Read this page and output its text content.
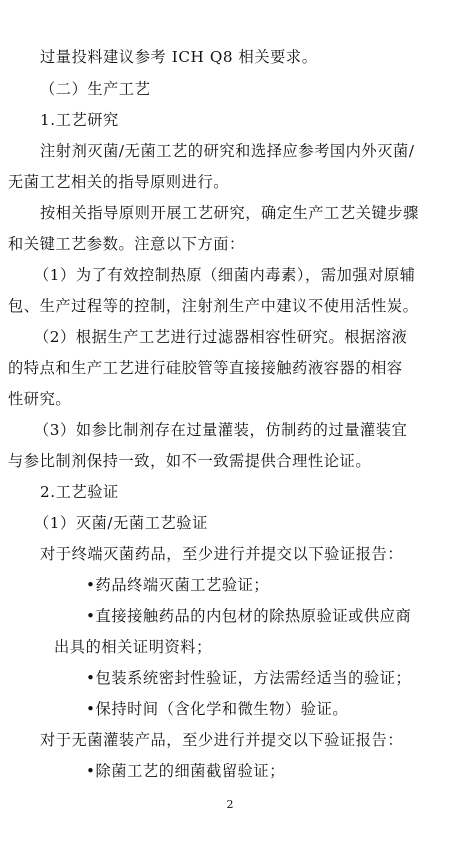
过量投料建议参考 ICH Q8 相关要求。
（二）生产工艺
1.工艺研究
注射剂灭菌/无菌工艺的研究和选择应参考国内外灭菌/
无菌工艺相关的指导原则进行。
按相关指导原则开展工艺研究，确定生产工艺关键步骤
和关键工艺参数。注意以下方面：
（1）为了有效控制热原（细菌内毒素），需加强对原辅
包、生产过程等的控制，注射剂生产中建议不使用活性炭。
（2）根据生产工艺进行过滤器相容性研究。根据溶液
的特点和生产工艺进行硅胶管等直接接触药液容器的相容
性研究。
（3）如参比制剂存在过量灌装，仿制药的过量灌装宜
与参比制剂保持一致，如不一致需提供合理性论证。
2.工艺验证
（1）灭菌/无菌工艺验证
对于终端灭菌药品，至少进行并提交以下验证报告：
•药品终端灭菌工艺验证；
•直接接触药品的内包材的除热原验证或供应商
出具的相关证明资料；
•包装系统密封性验证，方法需经适当的验证；
•保持时间（含化学和微生物）验证。
对于无菌灌装产品，至少进行并提交以下验证报告：
•除菌工艺的细菌截留验证；
2
